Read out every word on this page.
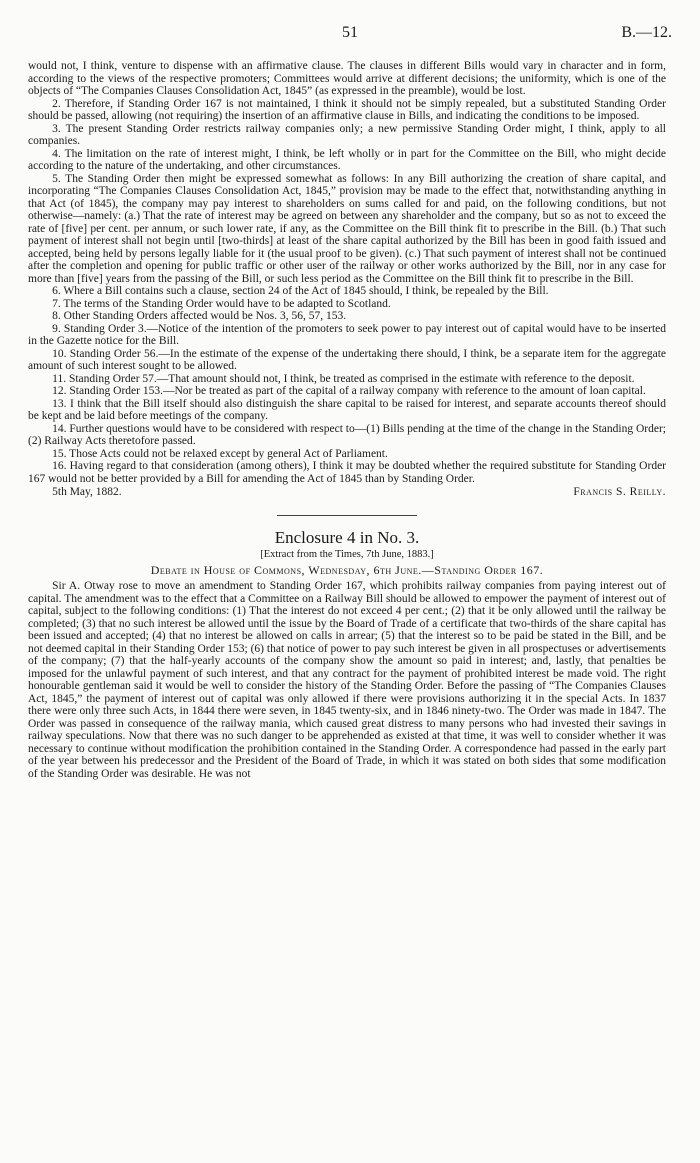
51	B.—12.

would not, I think, venture to dispense with an affirmative clause. The clauses in different Bills would vary in character and in form, according to the views of the respective promoters; Committees would arrive at different decisions; the uniformity, which is one of the objects of “The Companies Clauses Consolidation Act, 1845” (as expressed in the preamble), would be lost.

2. Therefore, if Standing Order 167 is not maintained, I think it should not be simply repealed, but a substituted Standing Order should be passed, allowing (not requiring) the insertion of an affirmative clause in Bills, and indicating the conditions to be imposed.

3. The present Standing Order restricts railway companies only; a new permissive Standing Order might, I think, apply to all companies.

4. The limitation on the rate of interest might, I think, be left wholly or in part for the Committee on the Bill, who might decide according to the nature of the undertaking, and other circumstances.

5. The Standing Order then might be expressed somewhat as follows: In any Bill authorizing the creation of share capital, and incorporating “The Companies Clauses Consolidation Act, 1845,” provision may be made to the effect that, notwithstanding anything in that Act (of 1845), the company may pay interest to shareholders on sums called for and paid, on the following conditions, but not otherwise—namely: (a.) That the rate of interest may be agreed on between any shareholder and the company, but so as not to exceed the rate of [five] per cent. per annum, or such lower rate, if any, as the Committee on the Bill think fit to prescribe in the Bill. (b.) That such payment of interest shall not begin until [two-thirds] at least of the share capital authorized by the Bill has been in good faith issued and accepted, being held by persons legally liable for it (the usual proof to be given). (c.) That such payment of interest shall not be continued after the completion and opening for public traffic or other user of the railway or other works authorized by the Bill, nor in any case for more than [five] years from the passing of the Bill, or such less period as the Committee on the Bill think fit to prescribe in the Bill.

6. Where a Bill contains such a clause, section 24 of the Act of 1845 should, I think, be repealed by the Bill.

7. The terms of the Standing Order would have to be adapted to Scotland.

8. Other Standing Orders affected would be Nos. 3, 56, 57, 153.

9. Standing Order 3.—Notice of the intention of the promoters to seek power to pay interest out of capital would have to be inserted in the Gazette notice for the Bill.

10. Standing Order 56.—In the estimate of the expense of the undertaking there should, I think, be a separate item for the aggregate amount of such interest sought to be allowed.

11. Standing Order 57.—That amount should not, I think, be treated as comprised in the estimate with reference to the deposit.

12. Standing Order 153.—Nor be treated as part of the capital of a railway company with reference to the amount of loan capital.

13. I think that the Bill itself should also distinguish the share capital to be raised for interest, and separate accounts thereof should be kept and be laid before meetings of the company.

14. Further questions would have to be considered with respect to—(1) Bills pending at the time of the change in the Standing Order; (2) Railway Acts theretofore passed.

15. Those Acts could not be relaxed except by general Act of Parliament.

16. Having regard to that consideration (among others), I think it may be doubted whether the required substitute for Standing Order 167 would not be better provided by a Bill for amending the Act of 1845 than by Standing Order.

5th May, 1882.	Francis S. Reilly.
Enclosure 4 in No. 3.
[Extract from the Times, 7th June, 1883.]
Debate in House of Commons, Wednesday, 6th June.—Standing Order 167.

Sir A. Otway rose to move an amendment to Standing Order 167, which prohibits railway companies from paying interest out of capital. The amendment was to the effect that a Committee on a Railway Bill should be allowed to empower the payment of interest out of capital, subject to the following conditions: (1) That the interest do not exceed 4 per cent.; (2) that it be only allowed until the railway be completed; (3) that no such interest be allowed until the issue by the Board of Trade of a certificate that two-thirds of the share capital has been issued and accepted; (4) that no interest be allowed on calls in arrear; (5) that the interest so to be paid be stated in the Bill, and be not deemed capital in their Standing Order 153; (6) that notice of power to pay such interest be given in all prospectuses or advertisements of the company; (7) that the half-yearly accounts of the company show the amount so paid in interest; and, lastly, that penalties be imposed for the unlawful payment of such interest, and that any contract for the payment of prohibited interest be made void. The right honourable gentleman said it would be well to consider the history of the Standing Order. Before the passing of “The Companies Clauses Act, 1845,” the payment of interest out of capital was only allowed if there were provisions authorizing it in the special Acts. In 1837 there were only three such Acts, in 1844 there were seven, in 1845 twenty-six, and in 1846 ninety-two. The Order was made in 1847. The Order was passed in consequence of the railway mania, which caused great distress to many persons who had invested their savings in railway speculations. Now that there was no such danger to be apprehended as existed at that time, it was well to consider whether it was necessary to continue without modification the prohibition contained in the Standing Order. A correspondence had passed in the early part of the year between his predecessor and the President of the Board of Trade, in which it was stated on both sides that some modification of the Standing Order was desirable. He was not
